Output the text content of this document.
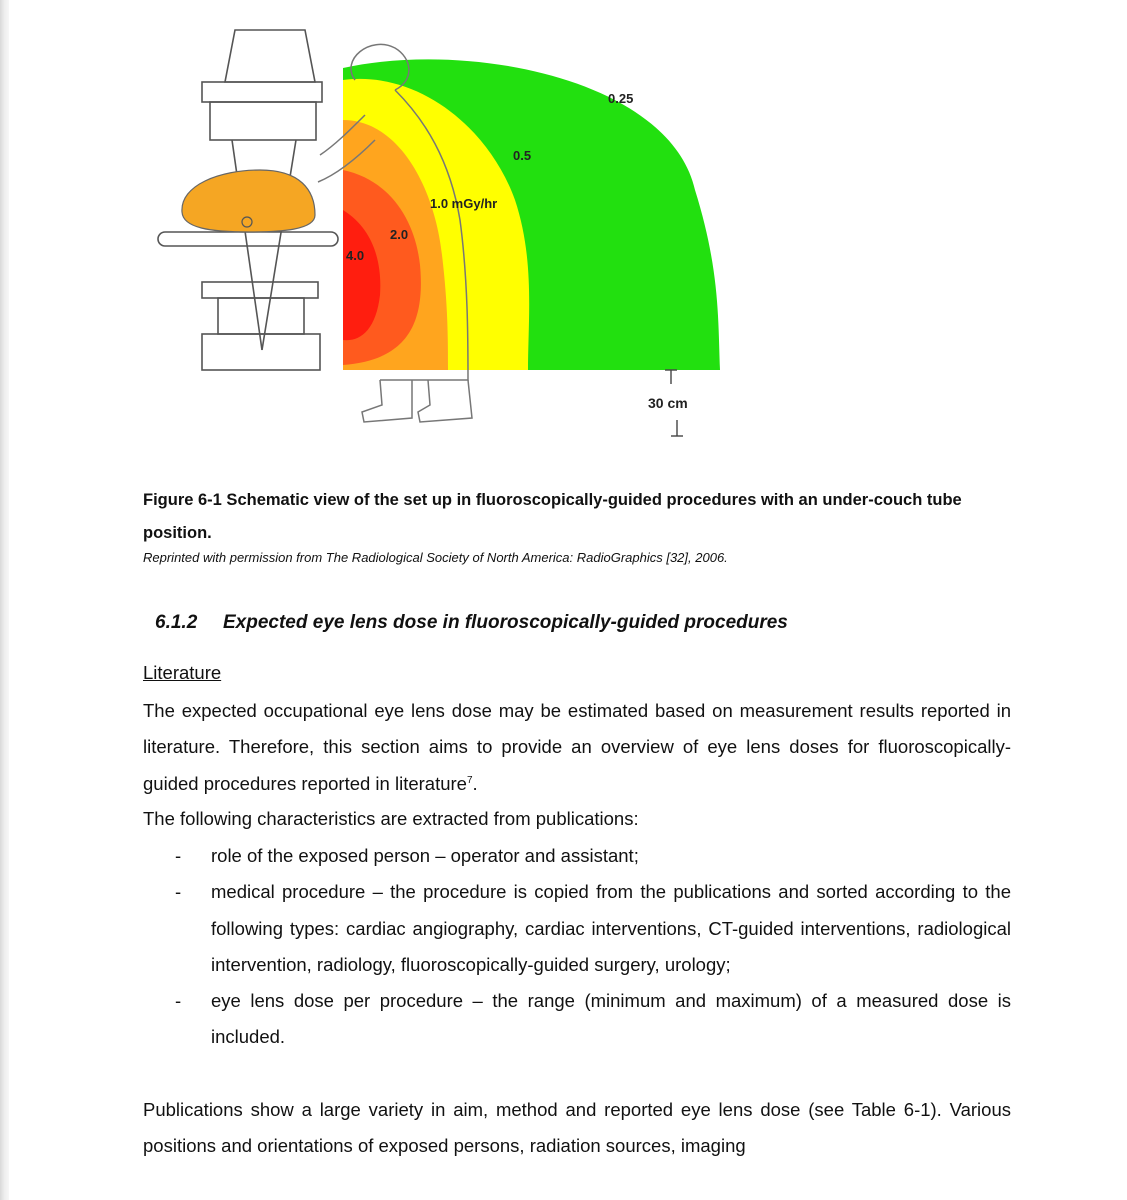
0.25
0.5
1.0 mGy/hr
2.0
4.0
30 cm

Figure 6-1 Schematic view of the set up in fluoroscopically-guided procedures with an under-couch tube position.

Reprinted with permission from The Radiological Society of North America: RadioGraphics [32], 2006.

6.1.2 Expected eye lens dose in fluoroscopically-guided procedures

Literature

The expected occupational eye lens dose may be estimated based on measurement results reported in literature. Therefore, this section aims to provide an overview of eye lens doses for fluoroscopically-guided procedures reported in literature$^7$.

The following characteristics are extracted from publications:

- role of the exposed person – operator and assistant;
- medical procedure – the procedure is copied from the publications and sorted according to the following types: cardiac angiography, cardiac interventions, CT-guided interventions, radiological intervention, radiology, fluoroscopically-guided surgery, urology;
- eye lens dose per procedure – the range (minimum and maximum) of a measured dose is included.

Publications show a large variety in aim, method and reported eye lens dose (see Table 6-1). Various positions and orientations of exposed persons, radiation sources, imaging
